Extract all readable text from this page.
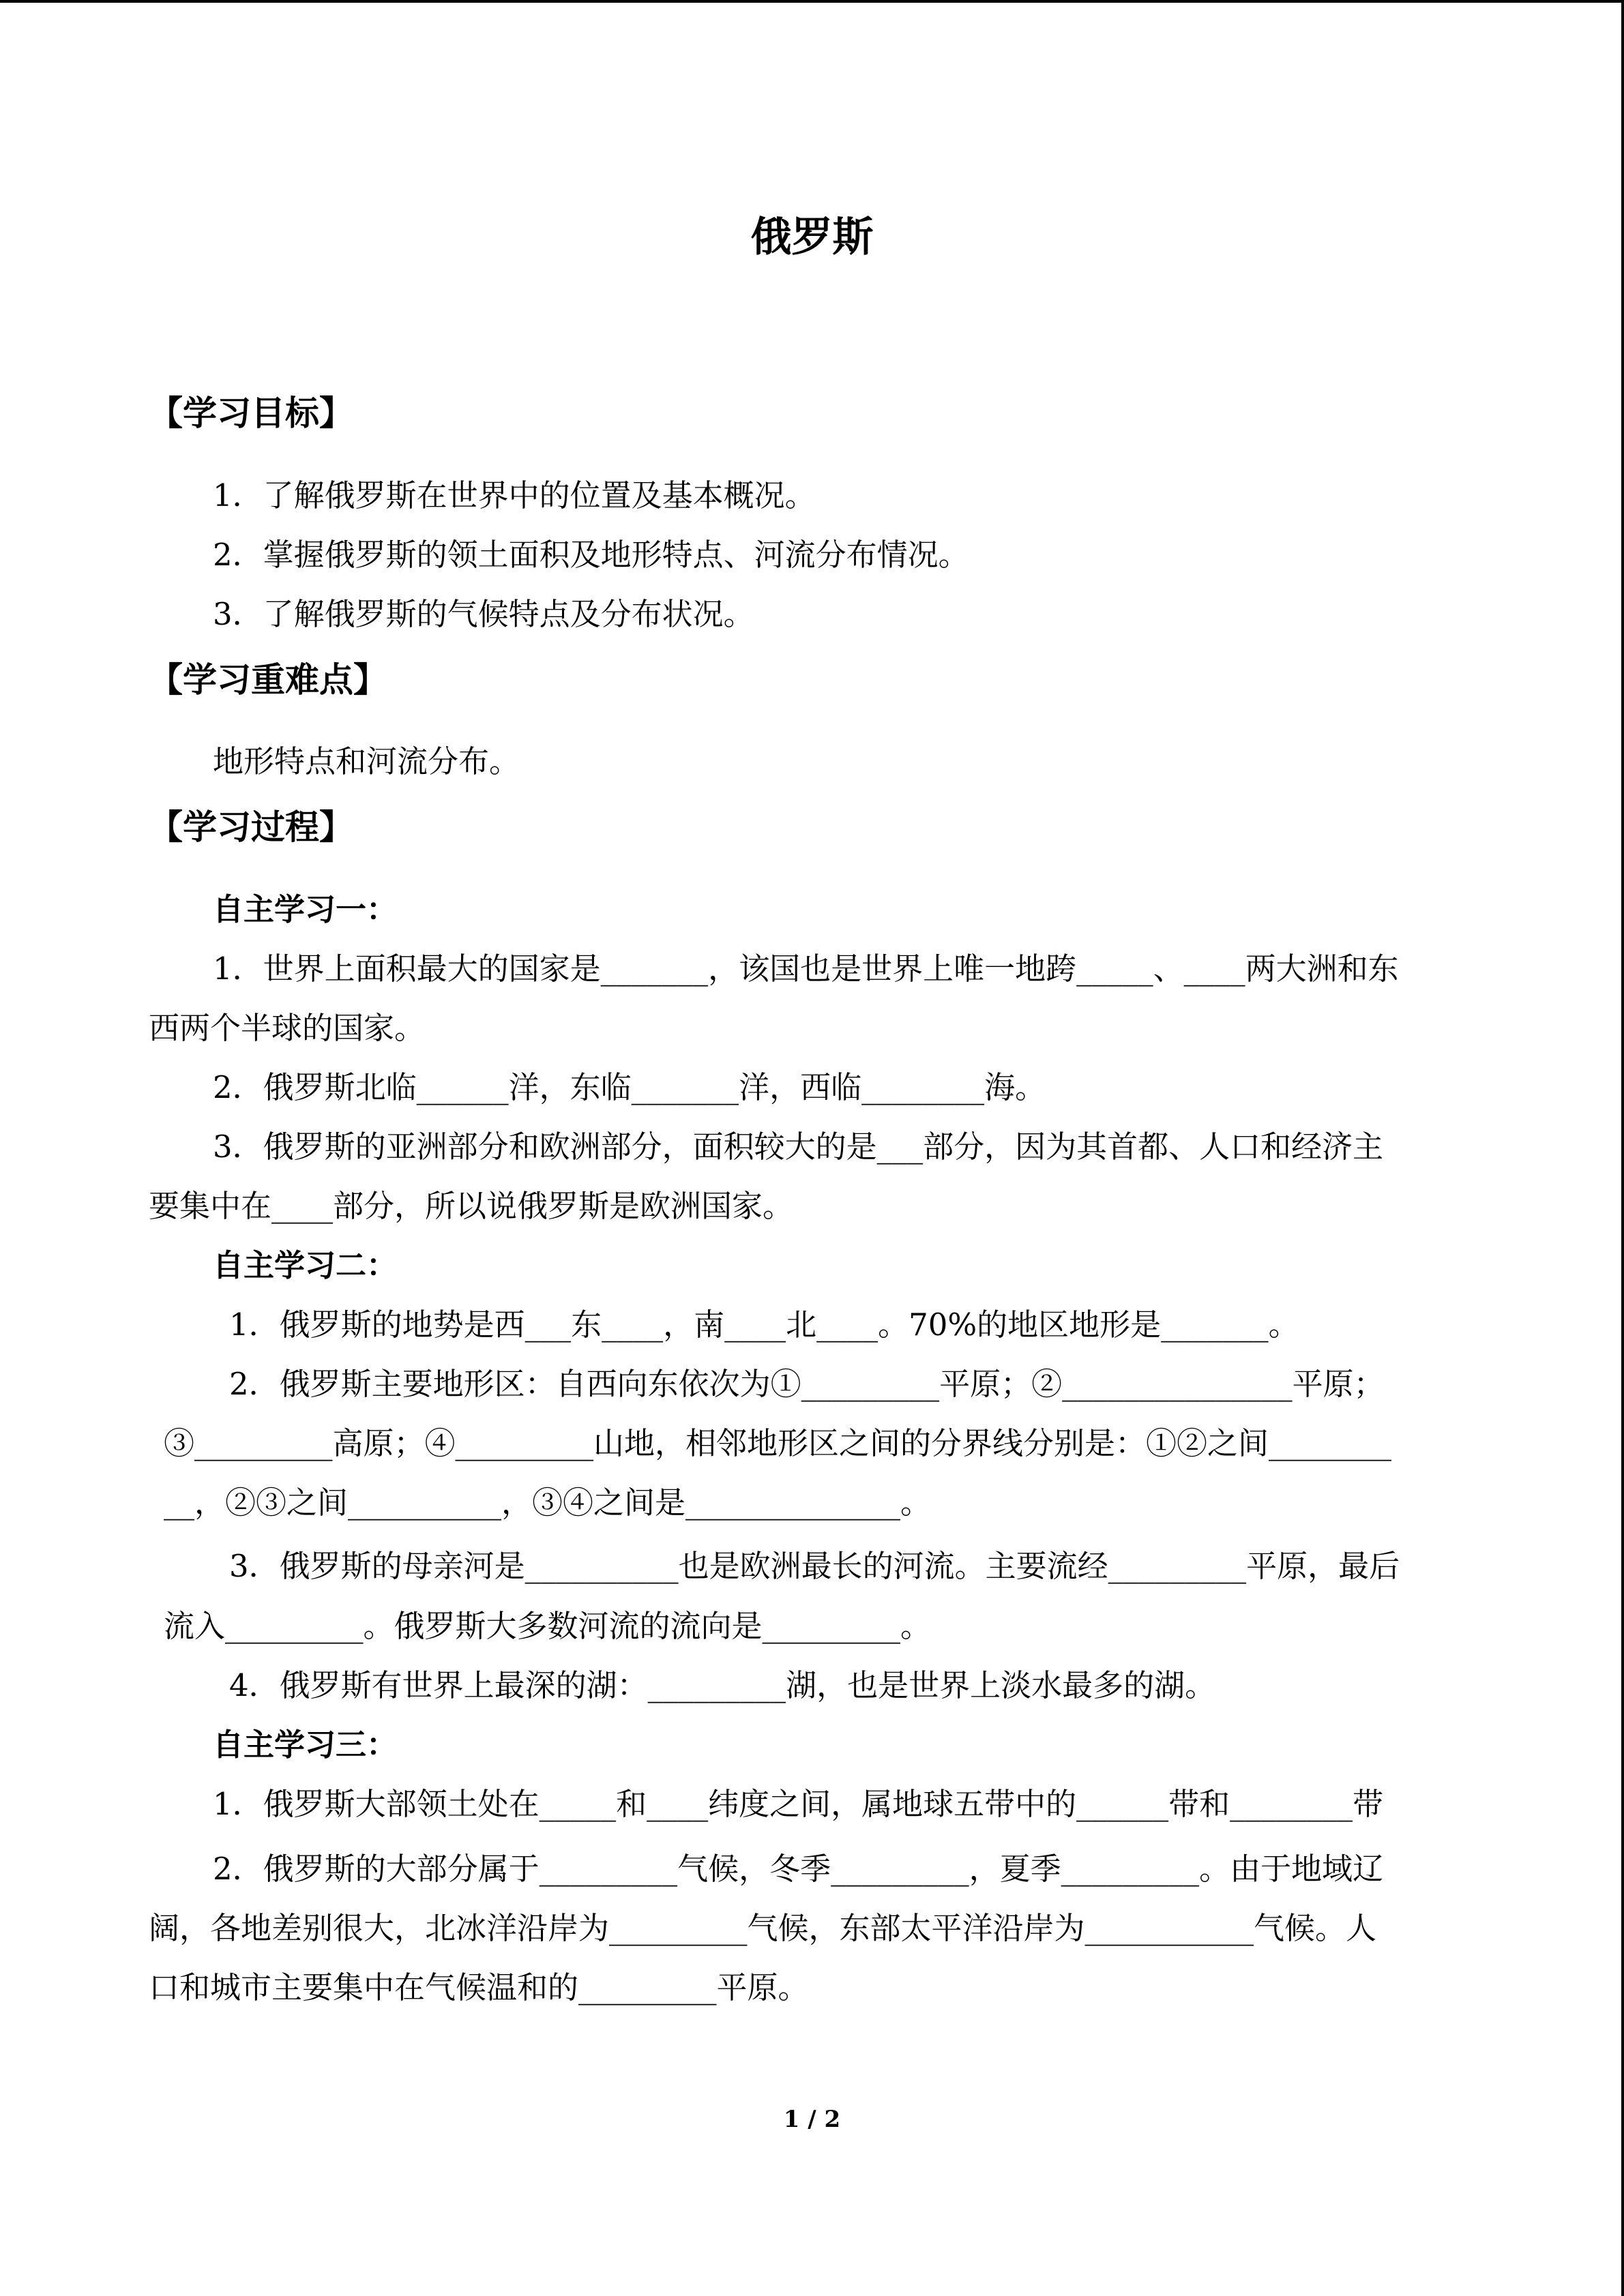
俄罗斯
【学习目标】
1．了解俄罗斯在世界中的位置及基本概况。
2．掌握俄罗斯的领土面积及地形特点、河流分布情况。
3．了解俄罗斯的气候特点及分布状况。
【学习重难点】
地形特点和河流分布。
【学习过程】
自主学习一：
1．世界上面积最大的国家是_______，该国也是世界上唯一地跨_____、____两大洲和东
西两个半球的国家。
2．俄罗斯北临______洋，东临_______洋，西临________海。
3．俄罗斯的亚洲部分和欧洲部分，面积较大的是___部分，因为其首都、人口和经济主
要集中在____部分，所以说俄罗斯是欧洲国家。
自主学习二：
1．俄罗斯的地势是西___东____，南____北____。70%的地区地形是_______。
2．俄罗斯主要地形区：自西向东依次为①_________平原；②_______________平原；
③_________高原；④_________山地，相邻地形区之间的分界线分别是：①②之间________
__，②③之间__________，③④之间是______________。
3．俄罗斯的母亲河是__________也是欧洲最长的河流。主要流经_________平原，最后
流入_________。俄罗斯大多数河流的流向是_________。
4．俄罗斯有世界上最深的湖：_________湖，也是世界上淡水最多的湖。
自主学习三：
1．俄罗斯大部领土处在_____和____纬度之间，属地球五带中的______带和________带
2．俄罗斯的大部分属于_________气候，冬季_________，夏季_________。由于地域辽
阔，各地差别很大，北冰洋沿岸为_________气候，东部太平洋沿岸为___________气候。人
口和城市主要集中在气候温和的_________平原。
1 / 2
